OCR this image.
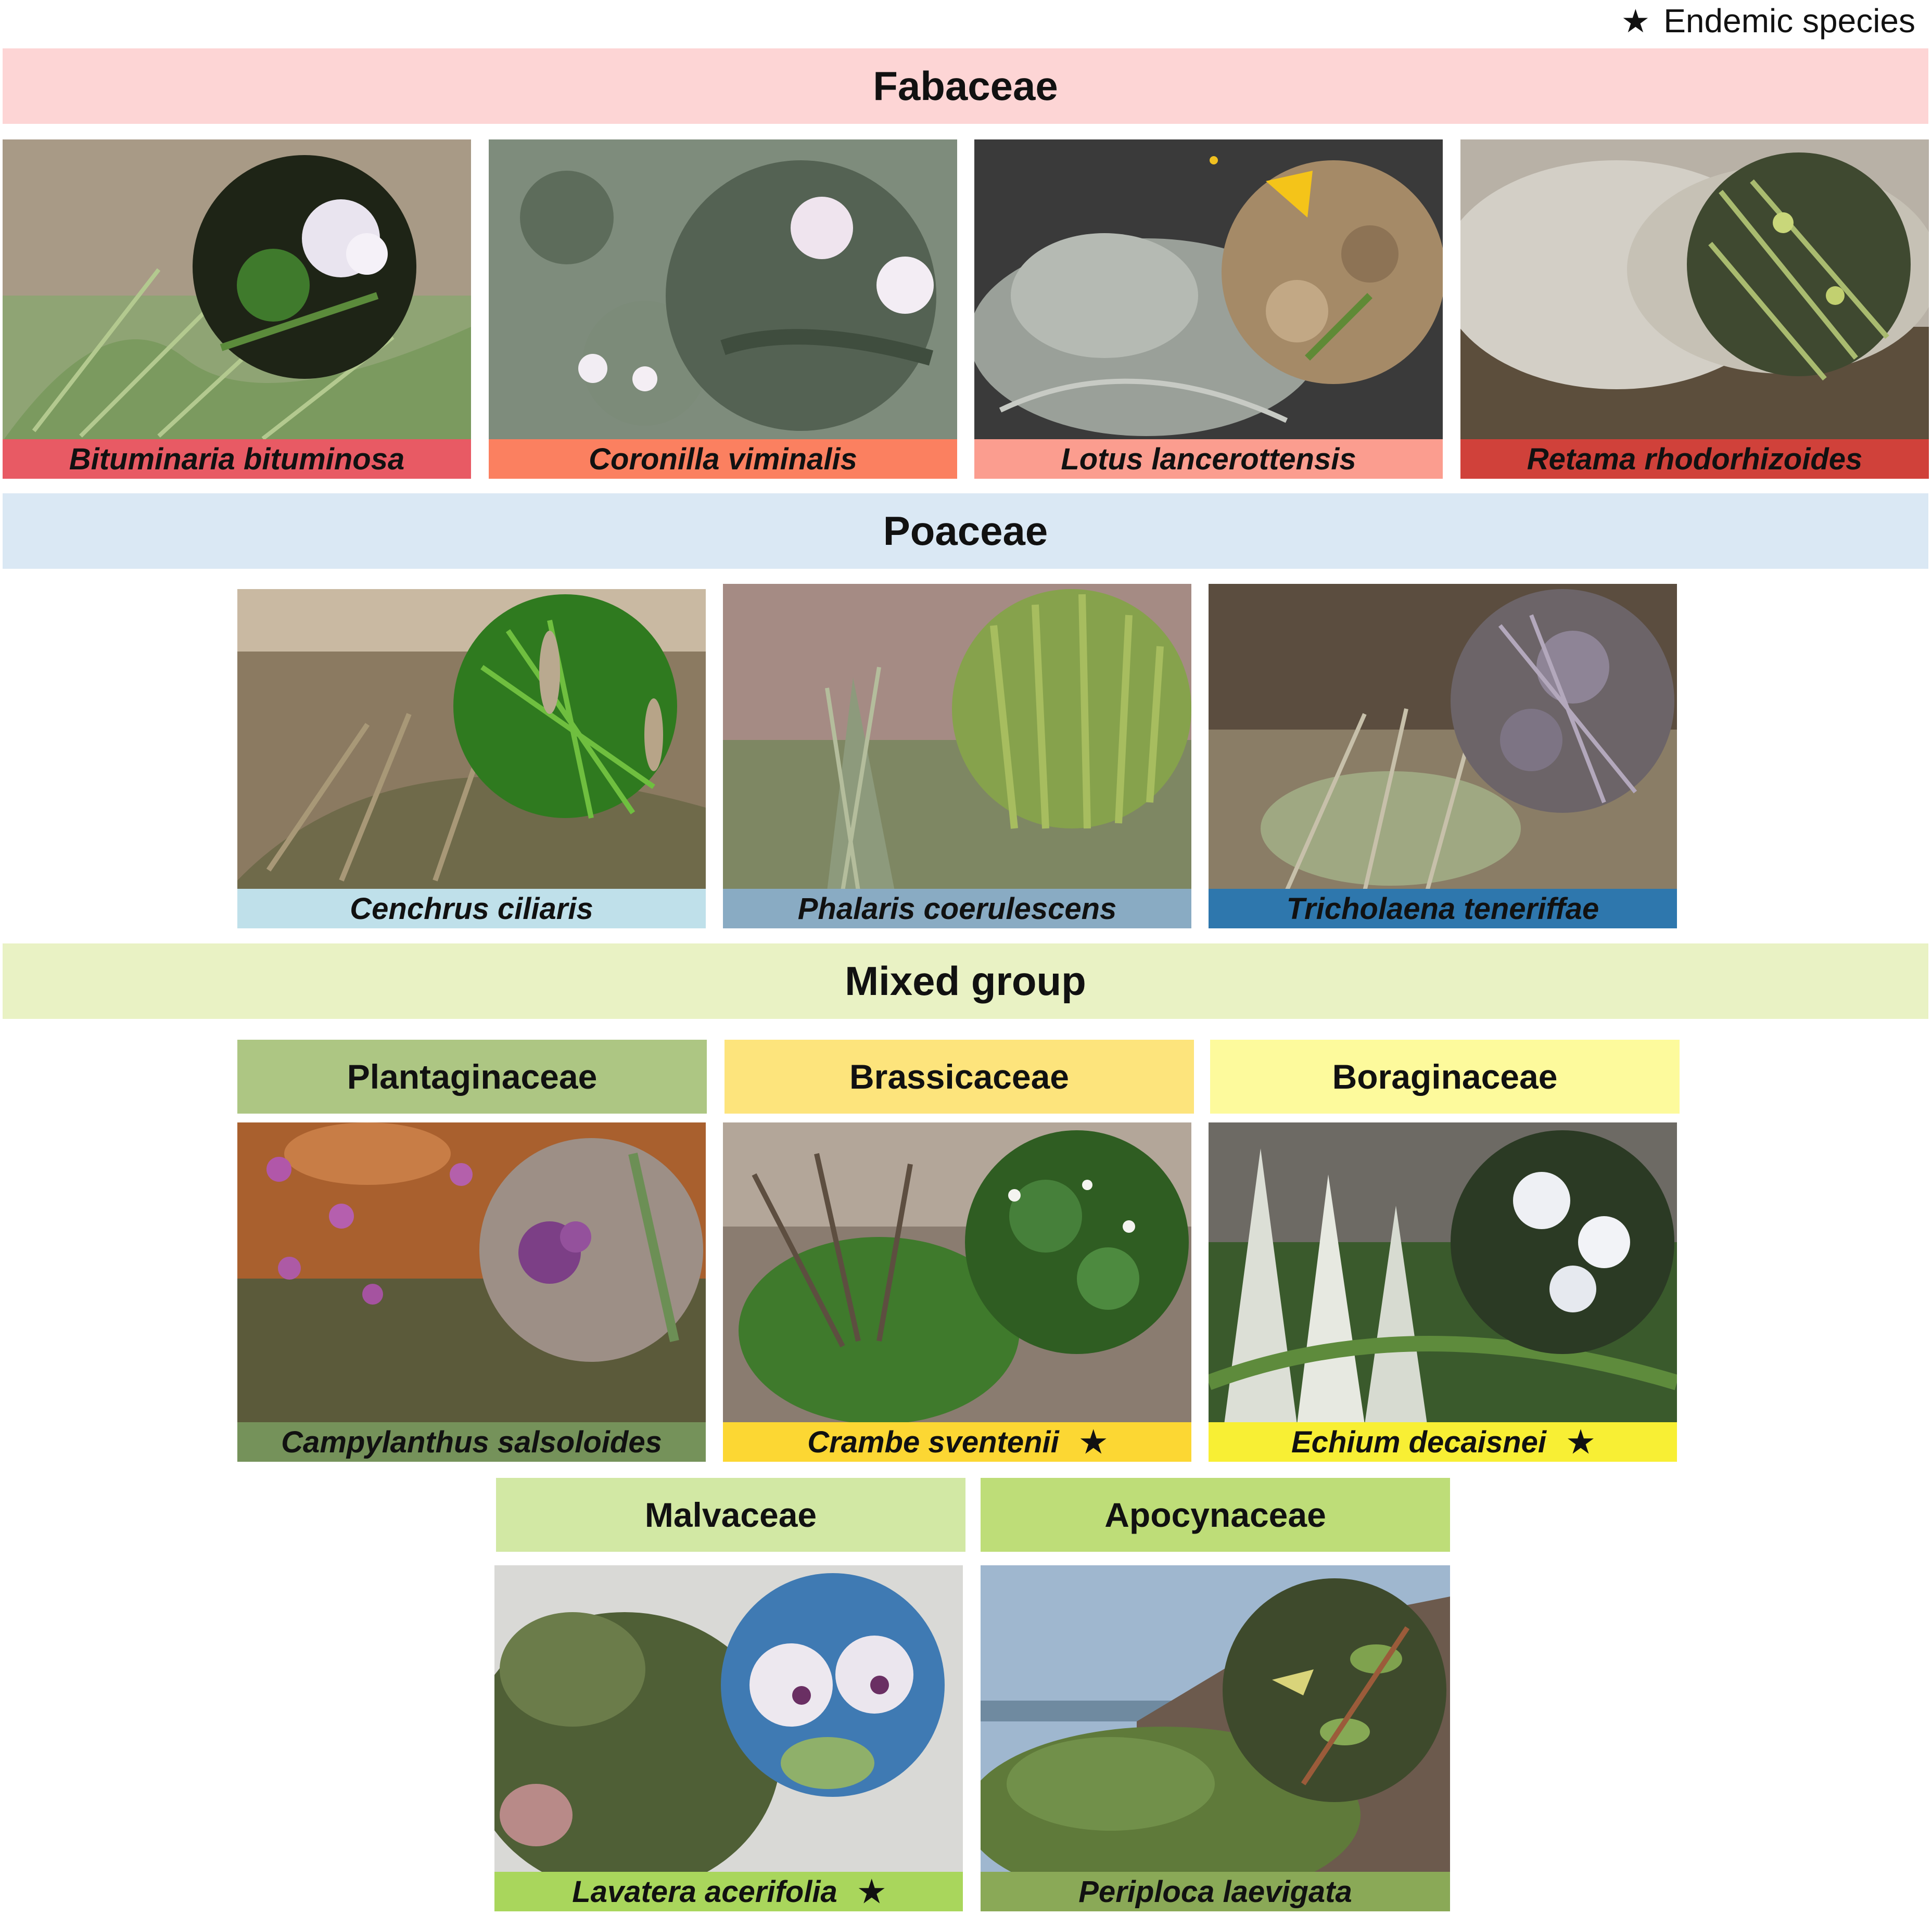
★ Endemic species
Fabaceae
Poaceae
Mixed group
Plantaginaceae	Brassicaceae	Boraginaceae
Malvaceae	Apocynaceae
Bituminaria bituminosa	Coronilla viminalis	Lotus lancerottensis	Retama rhodorhizoides
Cenchrus ciliaris	Phalaris coerulescens	Tricholaena teneriffae
Campylanthus salsoloides	Crambe sventenii ★	Echium decaisnei ★
Lavatera acerifolia ★	Periploca laevigata
